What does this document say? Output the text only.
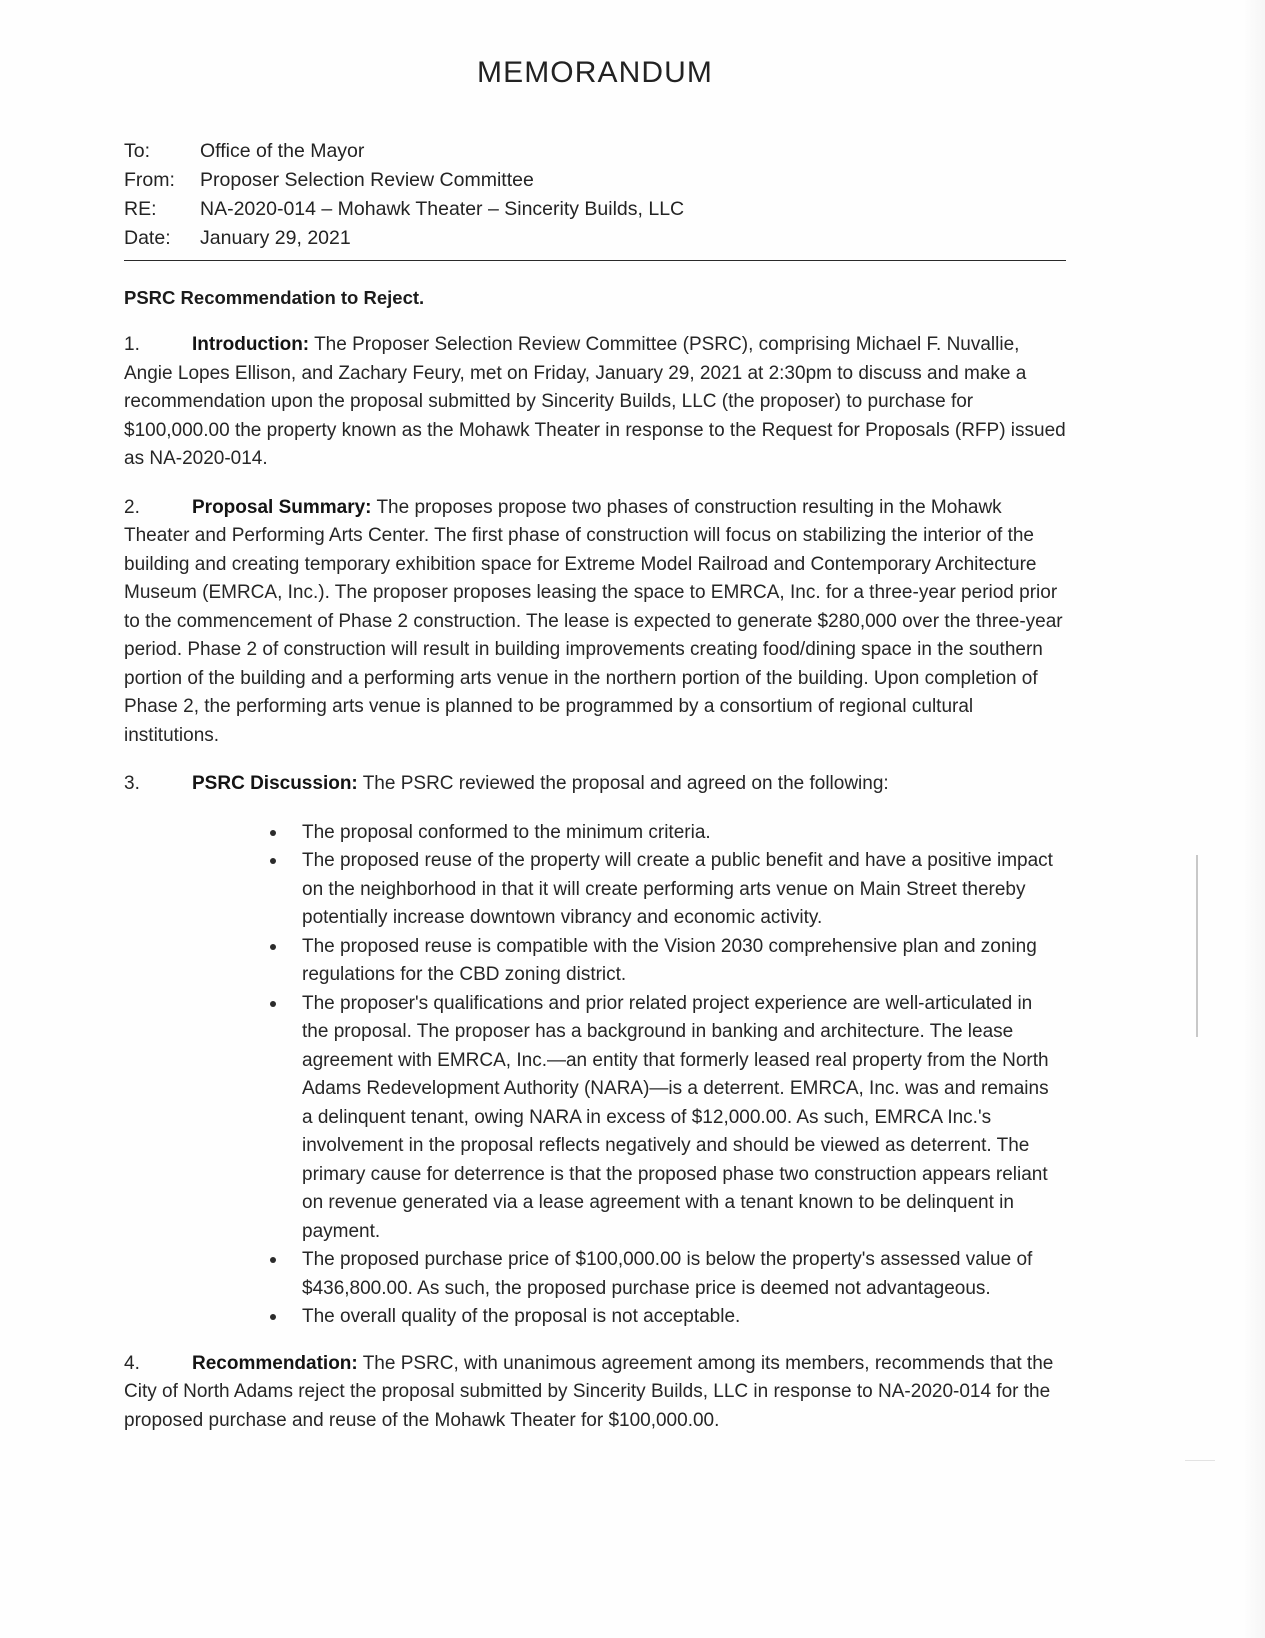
MEMORANDUM
To:	Office of the Mayor
From:	Proposer Selection Review Committee
RE:	NA-2020-014 – Mohawk Theater – Sincerity Builds, LLC
Date:	January 29, 2021
PSRC Recommendation to Reject.

1.	Introduction: The Proposer Selection Review Committee (PSRC), comprising Michael F. Nuvallie, Angie Lopes Ellison, and Zachary Feury, met on Friday, January 29, 2021 at 2:30pm to discuss and make a recommendation upon the proposal submitted by Sincerity Builds, LLC (the proposer) to purchase for $100,000.00 the property known as the Mohawk Theater in response to the Request for Proposals (RFP) issued as NA-2020-014.

2.	Proposal Summary: The proposes propose two phases of construction resulting in the Mohawk Theater and Performing Arts Center. The first phase of construction will focus on stabilizing the interior of the building and creating temporary exhibition space for Extreme Model Railroad and Contemporary Architecture Museum (EMRCA, Inc.). The proposer proposes leasing the space to EMRCA, Inc. for a three-year period prior to the commencement of Phase 2 construction. The lease is expected to generate $280,000 over the three-year period. Phase 2 of construction will result in building improvements creating food/dining space in the southern portion of the building and a performing arts venue in the northern portion of the building. Upon completion of Phase 2, the performing arts venue is planned to be programmed by a consortium of regional cultural institutions.

3.	PSRC Discussion: The PSRC reviewed the proposal and agreed on the following:

The proposal conformed to the minimum criteria.
The proposed reuse of the property will create a public benefit and have a positive impact on the neighborhood in that it will create performing arts venue on Main Street thereby potentially increase downtown vibrancy and economic activity.
The proposed reuse is compatible with the Vision 2030 comprehensive plan and zoning regulations for the CBD zoning district.
The proposer's qualifications and prior related project experience are well-articulated in the proposal. The proposer has a background in banking and architecture. The lease agreement with EMRCA, Inc.—an entity that formerly leased real property from the North Adams Redevelopment Authority (NARA)—is a deterrent. EMRCA, Inc. was and remains a delinquent tenant, owing NARA in excess of $12,000.00. As such, EMRCA Inc.'s involvement in the proposal reflects negatively and should be viewed as deterrent. The primary cause for deterrence is that the proposed phase two construction appears reliant on revenue generated via a lease agreement with a tenant known to be delinquent in payment.
The proposed purchase price of $100,000.00 is below the property's assessed value of $436,800.00. As such, the proposed purchase price is deemed not advantageous.
The overall quality of the proposal is not acceptable.

4.	Recommendation: The PSRC, with unanimous agreement among its members, recommends that the City of North Adams reject the proposal submitted by Sincerity Builds, LLC in response to NA-2020-014 for the proposed purchase and reuse of the Mohawk Theater for $100,000.00.
